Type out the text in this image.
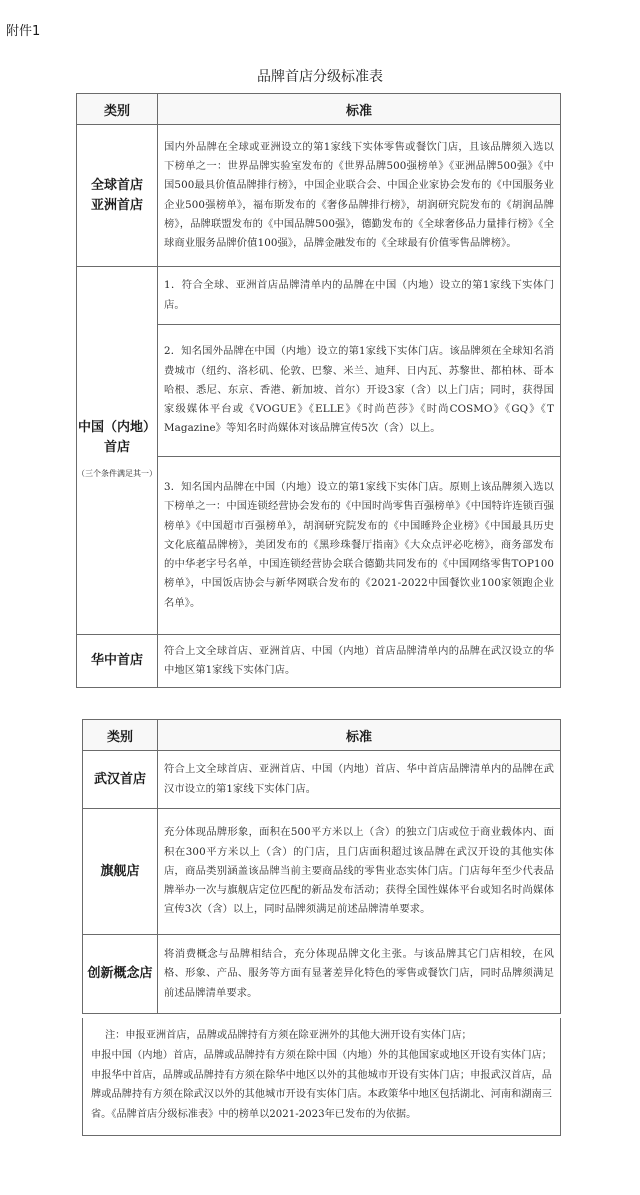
附件1
品牌首店分级标准表
类别	标准
全球首店
亚洲首店	国内外品牌在全球或亚洲设立的第1家线下实体零售或餐饮门店，且该品牌须入选以下榜单之一：世界品牌实验室发布的《世界品牌500强榜单》《亚洲品牌500强》《中国500最具价值品牌排行榜》，中国企业联合会、中国企业家协会发布的《中国服务业企业500强榜单》，福布斯发布的《奢侈品牌排行榜》，胡润研究院发布的《胡润品牌榜》，品牌联盟发布的《中国品牌500强》，德勤发布的《全球奢侈品力量排行榜》《全球商业服务品牌价值100强》，品牌金融发布的《全球最有价值零售品牌榜》。
中国（内地）
首店
（三个条件满足其一）	1．符合全球、亚洲首店品牌清单内的品牌在中国（内地）设立的第1家线下实体门店。
	2．知名国外品牌在中国（内地）设立的第1家线下实体门店。该品牌须在全球知名消费城市（纽约、洛杉矶、伦敦、巴黎、米兰、迪拜、日内瓦、苏黎世、都柏林、哥本哈根、悉尼、东京、香港、新加坡、首尔）开设3家（含）以上门店；同时，获得国家级媒体平台或《VOGUE》《ELLE》《时尚芭莎》《时尚COSMO》《GQ》《T Magazine》等知名时尚媒体对该品牌宣传5次（含）以上。
	3．知名国内品牌在中国（内地）设立的第1家线下实体门店。原则上该品牌须入选以下榜单之一：中国连锁经营协会发布的《中国时尚零售百强榜单》《中国特许连锁百强榜单》《中国超市百强榜单》，胡润研究院发布的《中国睡羚企业榜》《中国最具历史文化底蕴品牌榜》，美团发布的《黑珍珠餐厅指南》《大众点评必吃榜》，商务部发布的中华老字号名单，中国连锁经营协会联合德勤共同发布的《中国网络零售TOP100榜单》，中国饭店协会与新华网联合发布的《2021-2022中国餐饮业100家领跑企业名单》。
华中首店	符合上文全球首店、亚洲首店、中国（内地）首店品牌清单内的品牌在武汉设立的华中地区第1家线下实体门店。
类别	标准
武汉首店	符合上文全球首店、亚洲首店、中国（内地）首店、华中首店品牌清单内的品牌在武汉市设立的第1家线下实体门店。
旗舰店	充分体现品牌形象，面积在500平方米以上（含）的独立门店或位于商业载体内、面积在300平方米以上（含）的门店，且门店面积超过该品牌在武汉开设的其他实体店，商品类别涵盖该品牌当前主要商品线的零售业态实体门店。门店每年至少代表品牌举办一次与旗舰店定位匹配的新品发布活动；获得全国性媒体平台或知名时尚媒体宣传3次（含）以上，同时品牌须满足前述品牌清单要求。
创新概念店	将消费概念与品牌相结合，充分体现品牌文化主张。与该品牌其它门店相较，在风格、形象、产品、服务等方面有显著差异化特色的零售或餐饮门店，同时品牌须满足前述品牌清单要求。
注：申报亚洲首店，品牌或品牌持有方须在除亚洲外的其他大洲开设有实体门店；
申报中国（内地）首店，品牌或品牌持有方须在除中国（内地）外的其他国家或地区开设有实体门店；申报华中首店，品牌或品牌持有方须在除华中地区以外的其他城市开设有实体门店；申报武汉首店，品牌或品牌持有方须在除武汉以外的其他城市开设有实体门店。本政策华中地区包括湖北、河南和湖南三省。《品牌首店分级标准表》中的榜单以2021-2023年已发布的为依据。
